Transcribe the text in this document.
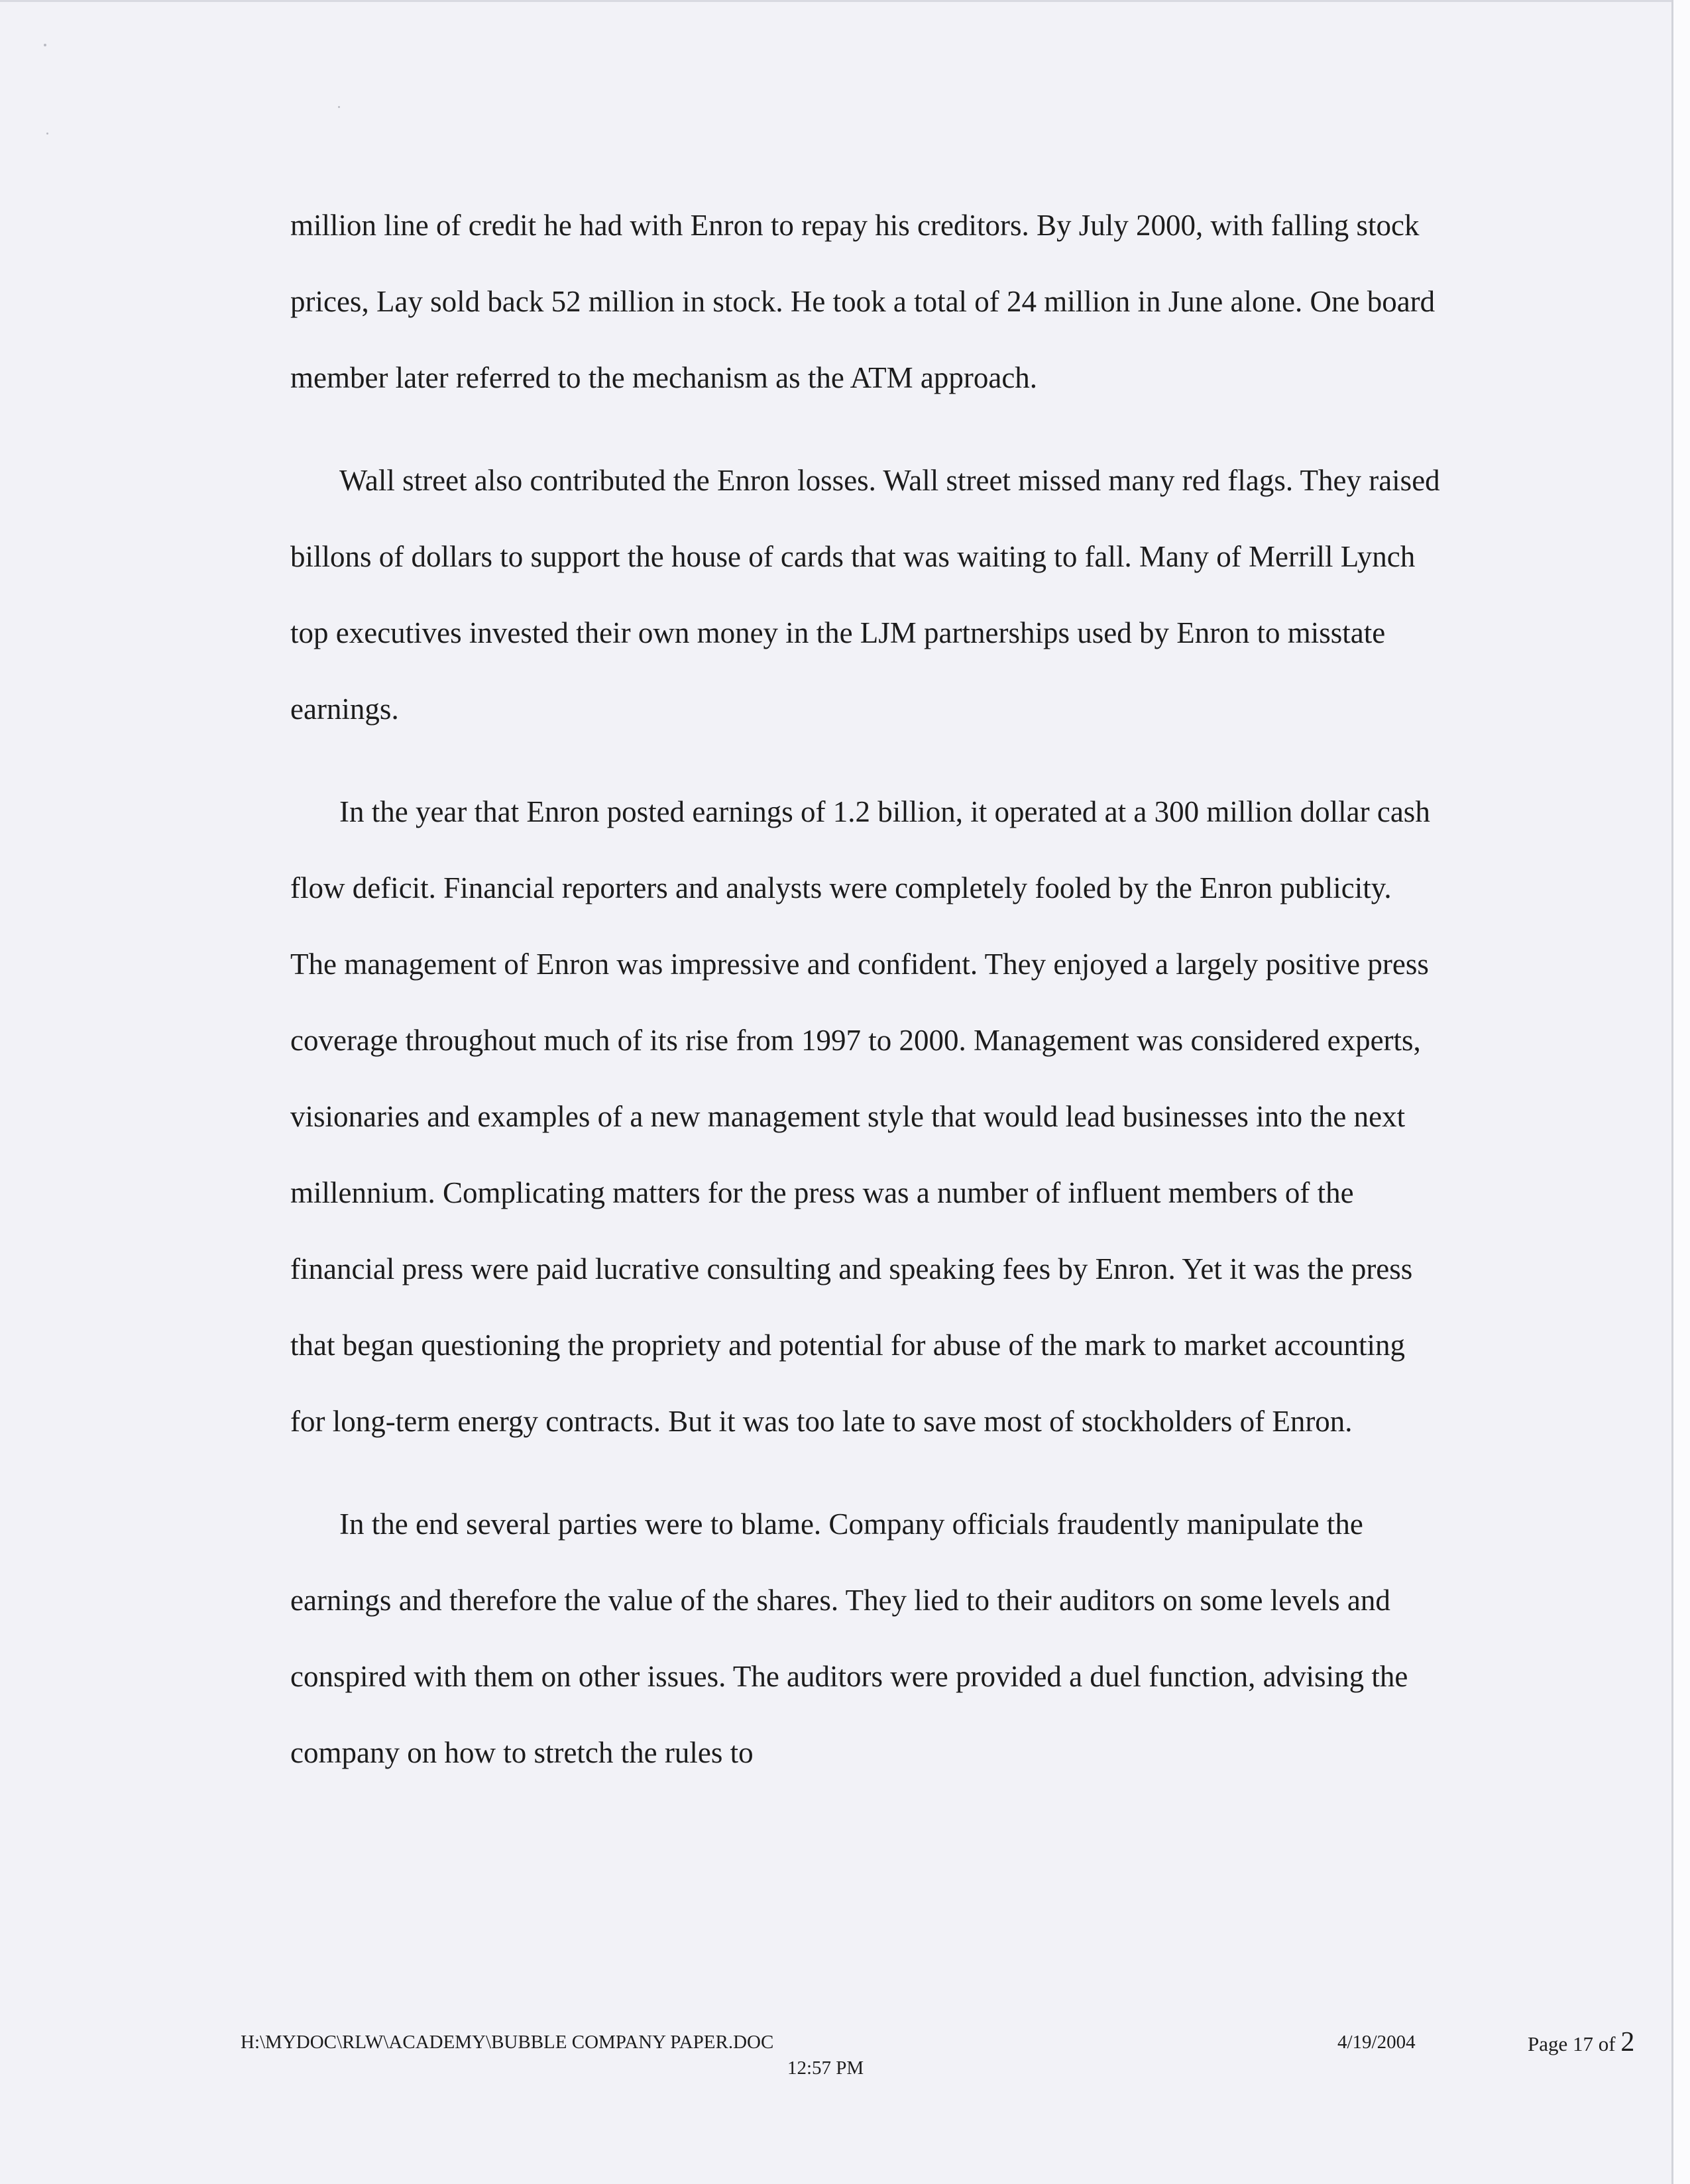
million line of credit he had with Enron to repay his creditors. By July 2000, with falling stock prices, Lay sold back 52 million in stock. He took a total of 24 million in June alone. One board member later referred to the mechanism as the ATM approach.

Wall street also contributed the Enron losses. Wall street missed many red flags. They raised billons of dollars to support the house of cards that was waiting to fall. Many of Merrill Lynch top executives invested their own money in the LJM partnerships used by Enron to misstate earnings.

In the year that Enron posted earnings of 1.2 billion, it operated at a 300 million dollar cash flow deficit. Financial reporters and analysts were completely fooled by the Enron publicity. The management of Enron was impressive and confident. They enjoyed a largely positive press coverage throughout much of its rise from 1997 to 2000. Management was considered experts, visionaries and examples of a new management style that would lead businesses into the next millennium. Complicating matters for the press was a number of influent members of the financial press were paid lucrative consulting and speaking fees by Enron. Yet it was the press that began questioning the propriety and potential for abuse of the mark to market accounting for long-term energy contracts. But it was too late to save most of stockholders of Enron.

In the end several parties were to blame. Company officials fraudently manipulate the earnings and therefore the value of the shares. They lied to their auditors on some levels and conspired with them on other issues. The auditors were provided a duel function, advising the company on how to stretch the rules to

H:\MYDOC\RLW\ACADEMY\BUBBLE COMPANY PAPER.DOC
12:57 PM
4/19/2004	Page 17 of 2
